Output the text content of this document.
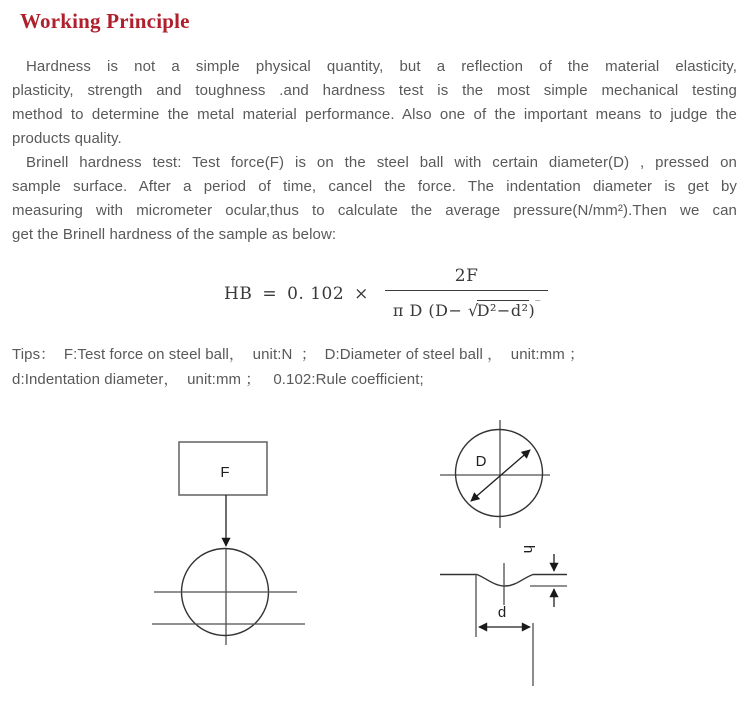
Working Principle
Hardness is not a simple physical quantity, but a reflection of the material elasticity,
plasticity, strength and toughness .and hardness test is the most simple mechanical testing
method to determine the metal material performance. Also one of the important means to judge the
products quality.
Brinell hardness test: Test force(F) is on the steel ball with certain diameter(D) , pressed on
sample surface. After a period of time, cancel the force. The indentation diameter is get by
measuring with micrometer ocular,thus to calculate the average pressure(N/mm²).Then we can
get the Brinell hardness of the sample as below:
HB = 0. $102 \times \frac{2F}{\pi D (D- √D^2-d^2)^‾}$
Tips：  F:Test force on steel ball，  unit:N  ；  D:Diameter of steel ball ，  unit:mm ；
d:Indentation diameter，  unit:mm ；   0.102:Rule coefficient;
F
D
h
d
